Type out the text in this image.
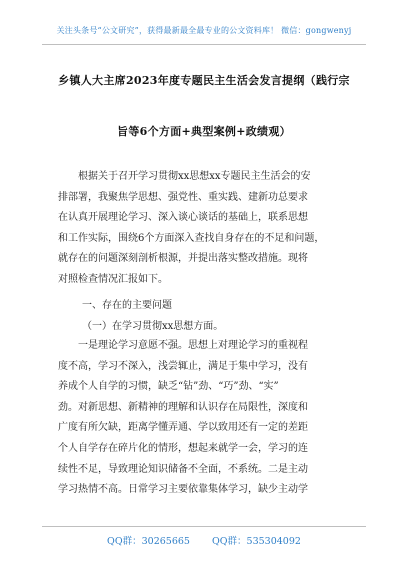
关注头条号“公文研究”，获得最新最全最专业的公文资料库！ 微信：gongwenyj
乡镇人大主席2023年度专题民主生活会发言提纲（践行宗
旨等6个方面+典型案例+政绩观）
根据关于召开学习贯彻xx思想xx专题民主生活会的安
排部署，我聚焦学思想、强党性、重实践、建新功总要求
在认真开展理论学习、深入谈心谈话的基础上，联系思想
和工作实际，围绕6个方面深入查找自身存在的不足和问题，
就存在的问题深刻剖析根源，并提出落实整改措施。现将
对照检查情况汇报如下。
一、存在的主要问题
（一）在学习贯彻xx思想方面。
一是理论学习意愿不强。思想上对理论学习的重视程
度不高，学习不深入，浅尝辄止，满足于集中学习，没有
养成个人自学的习惯，缺乏“钻”劲、“巧”劲、“实”
劲。对新思想、新精神的理解和认识存在局限性，深度和
广度有所欠缺，距离学懂弄通、学以致用还有一定的差距
个人自学存在碎片化的情形，想起来就学一会，学习的连
续性不足，导致理论知识储备不全面，不系统。二是主动
学习热情不高。日常学习主要依靠集体学习，缺少主动学
QQ群：30265665 QQ群：535304092
